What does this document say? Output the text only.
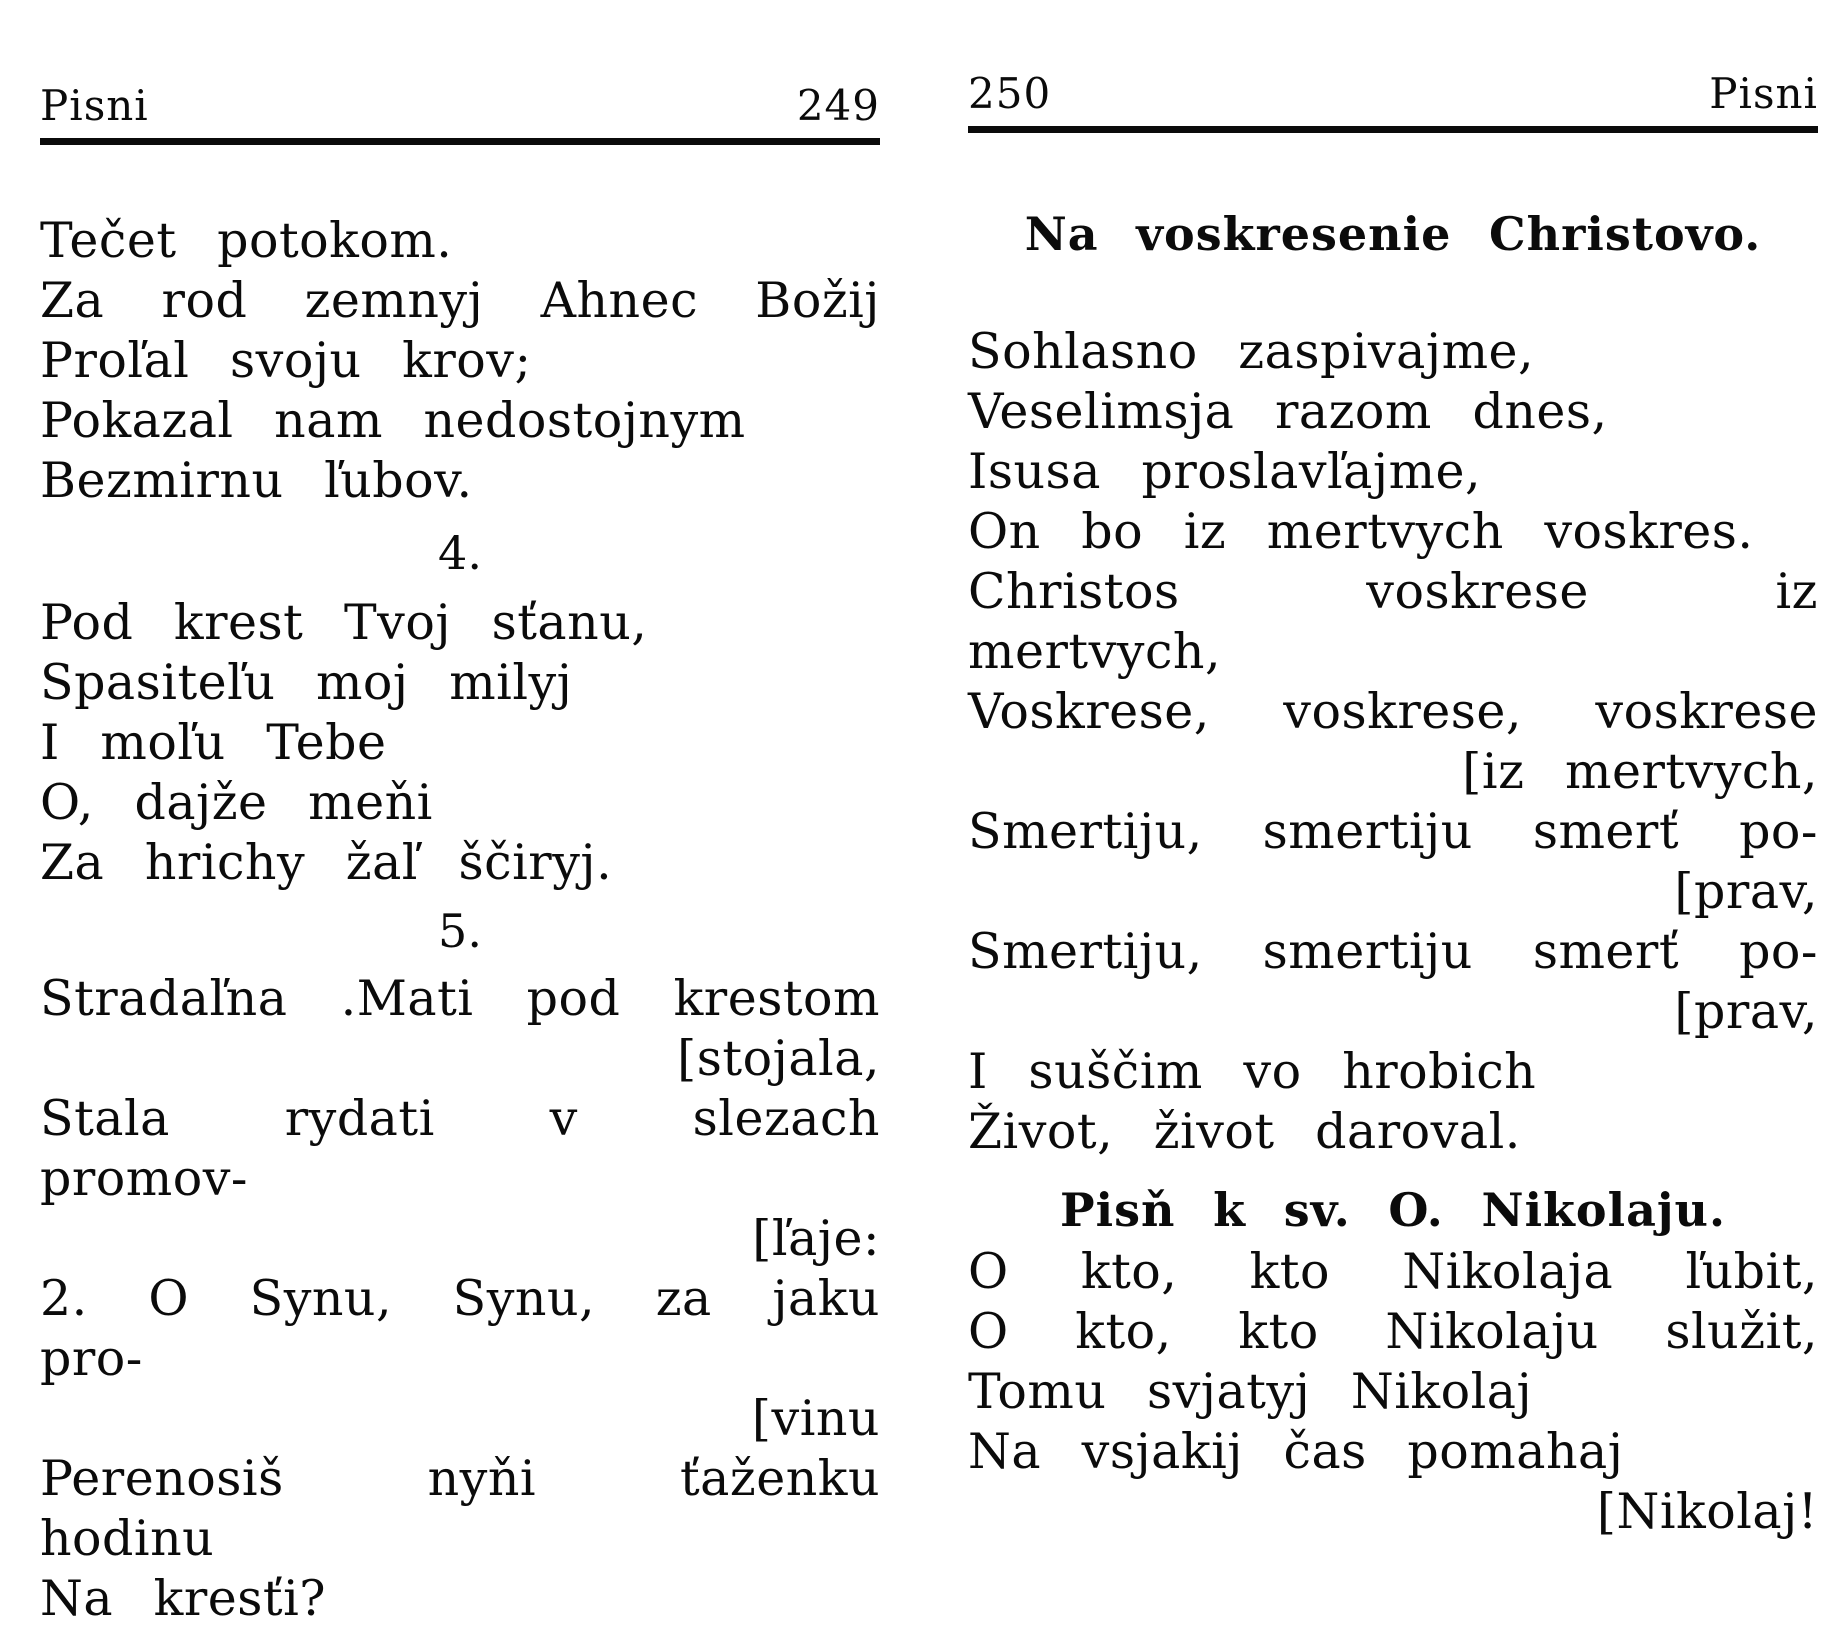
Pisni	249
Tečet potokom.
Za rod zemnyj Ahnec Božij
Proľal svoju krov;
Pokazal nam nedostojnym
Bezmirnu ľubov.
4.
Pod krest Tvoj sťanu,
Spasiteľu moj milyj
I moľu Tebe
O, dajže meňi
Za hrichy žaľ ščiryj.
5.
Stradaľna .Mati pod krestom
[stojala,
Stala rydati v slezach promov-
[ľaje:
2. O Synu, Synu, za jaku pro-
[vinu
Perenosiš nyňi ťaženku hodinu
Na kresťi?
250	Pisni
Na voskresenie Christovo.
Sohlasno zaspivajme,
Veselimsja razom dnes,
Isusa proslavľajme,
On bo iz mertvych voskres.
Christos voskrese iz mertvych,
Voskrese, voskrese, voskrese
[iz mertvych,
Smertiju, smertiju smerť po-
[prav,
Smertiju, smertiju smerť po-
[prav,
I suščim vo hrobich
Život, život daroval.
Pisň k sv. O. Nikolaju.
O kto, kto Nikolaja ľubit,
O kto, kto Nikolaju služit,
Tomu svjatyj Nikolaj
Na vsjakij čas pomahaj
[Nikolaj!
